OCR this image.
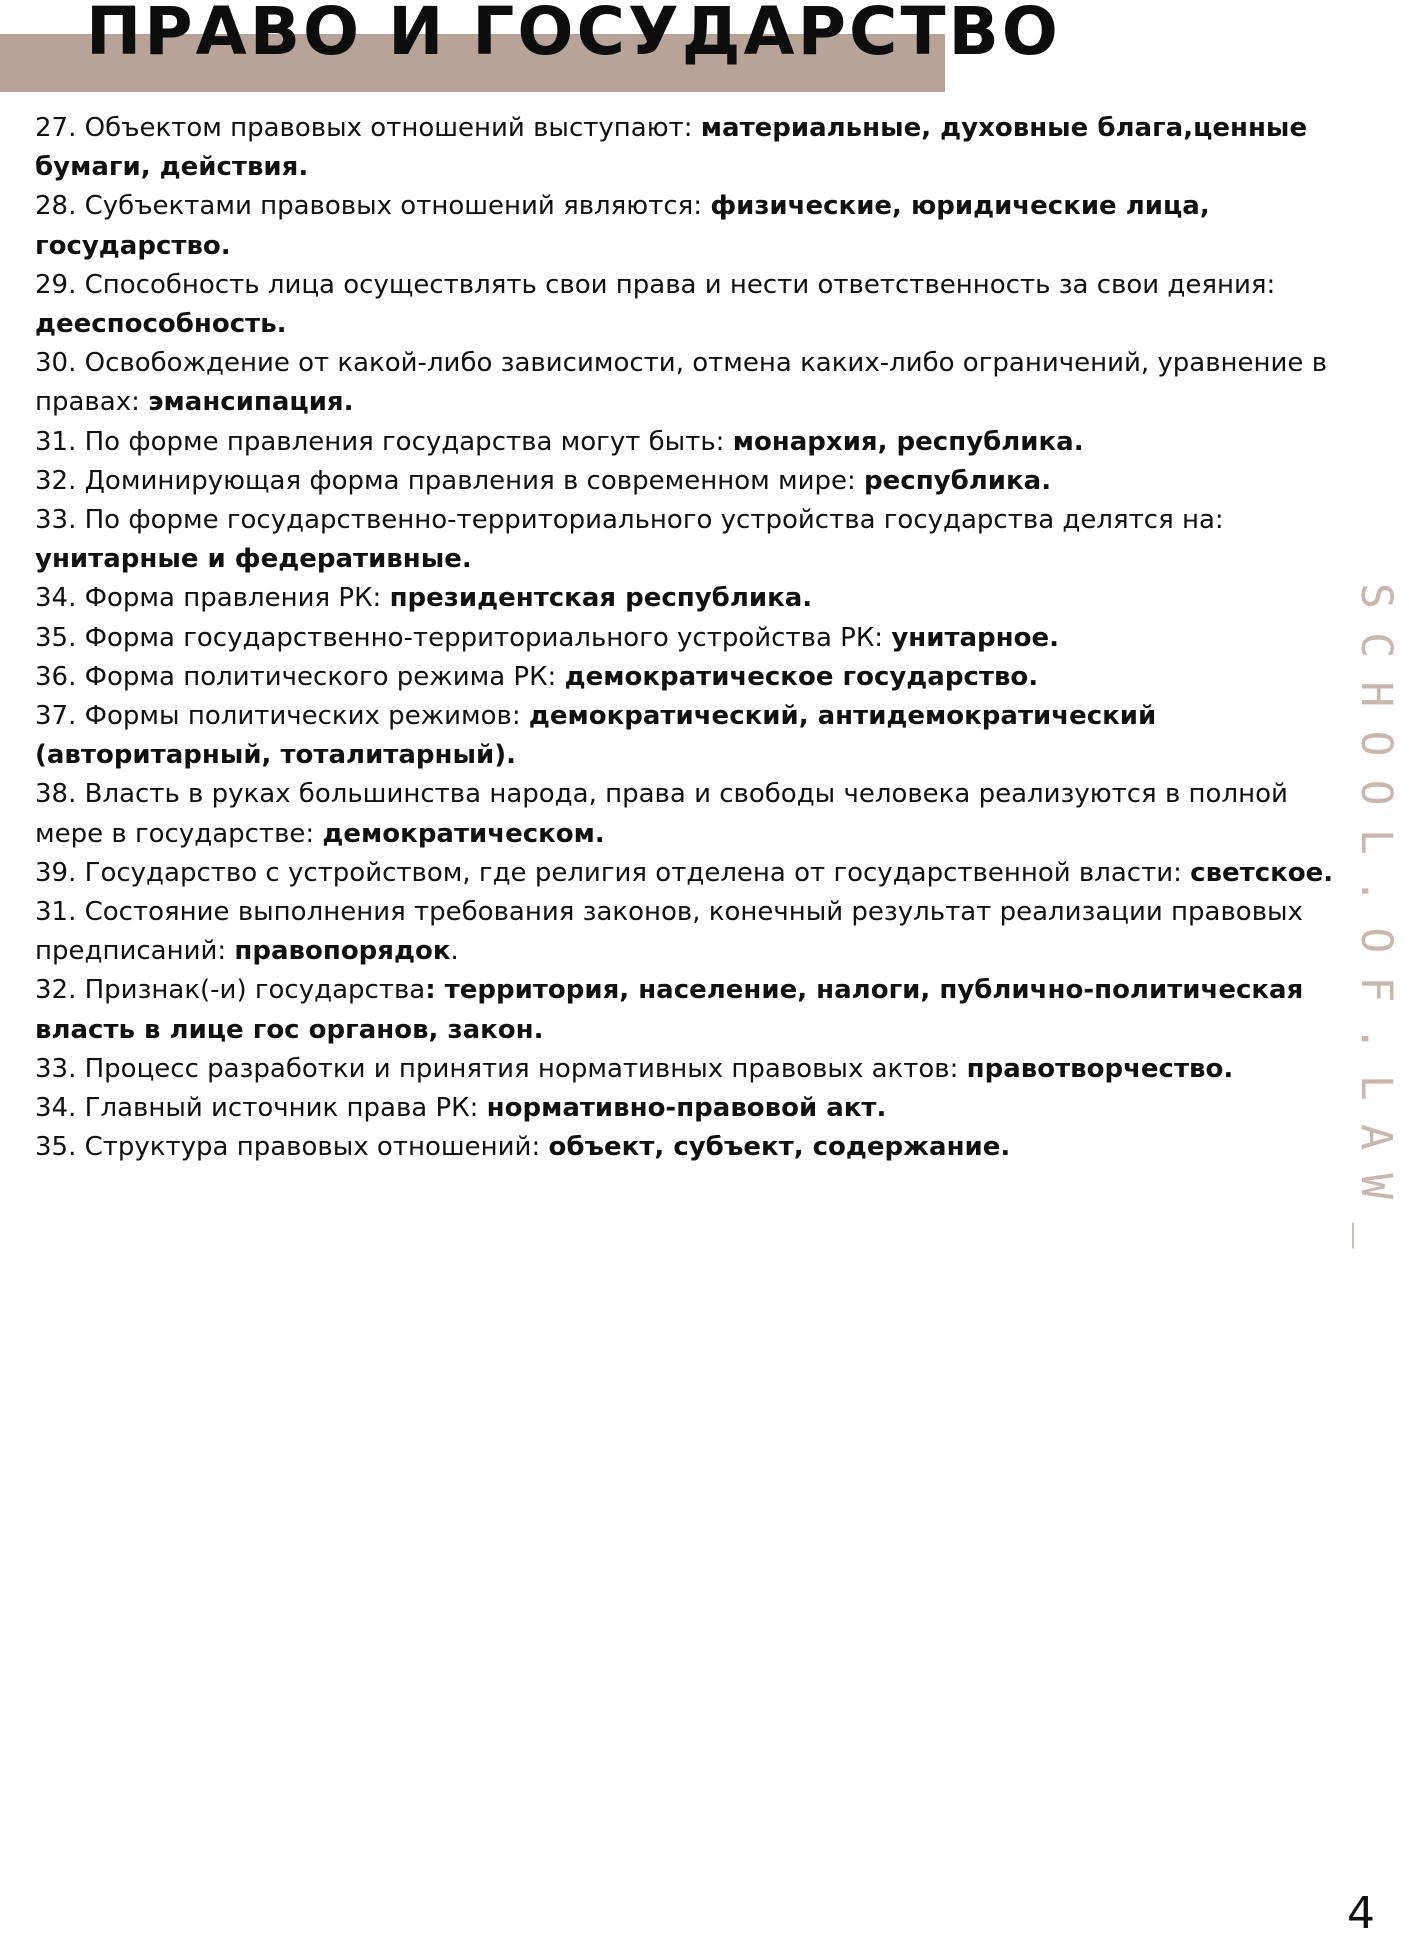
ПРАВО И ГОСУДАРСТВО

27. Объектом правовых отношений выступают: материальные, духовные блага,ценные бумаги, действия.

28. Субъектами правовых отношений являются: физические, юридические лица, государство.

29. Способность лица осуществлять свои права и нести ответственность за свои деяния: дееспособность.

30. Освобождение от какой-либо зависимости, отмена каких-либо ограничений, уравнение в правах: эмансипация.

31. По форме правления государства могут быть: монархия, республика.

32. Доминирующая форма правления в современном мире: республика.

33. По форме государственно-территориального устройства государства делятся на: унитарные и федеративные.

34. Форма правления РК: президентская республика.

35. Форма государственно-территориального устройства РК: унитарное.

36. Форма политического режима РК: демократическое государство.

37. Формы политических режимов: демократический, антидемократический (авторитарный, тоталитарный).

38. Власть в руках большинства народа, права и свободы человека реализуются в полной мере в государстве: демократическом.

39. Государство с устройством, где религия отделена от государственной власти: светское.

31. Состояние выполнения требования законов, конечный результат реализации правовых предписаний: правопорядок.

32. Признак(-и) государства: территория, население, налоги, публично-политическая власть в лице гос органов, закон.

33. Процесс разработки и принятия нормативных правовых актов: правотворчество.

34. Главный источник права РК: нормативно-правовой акт.

35. Структура правовых отношений: объект, субъект, содержание.	SCHOOL.OF.LAW_
4
